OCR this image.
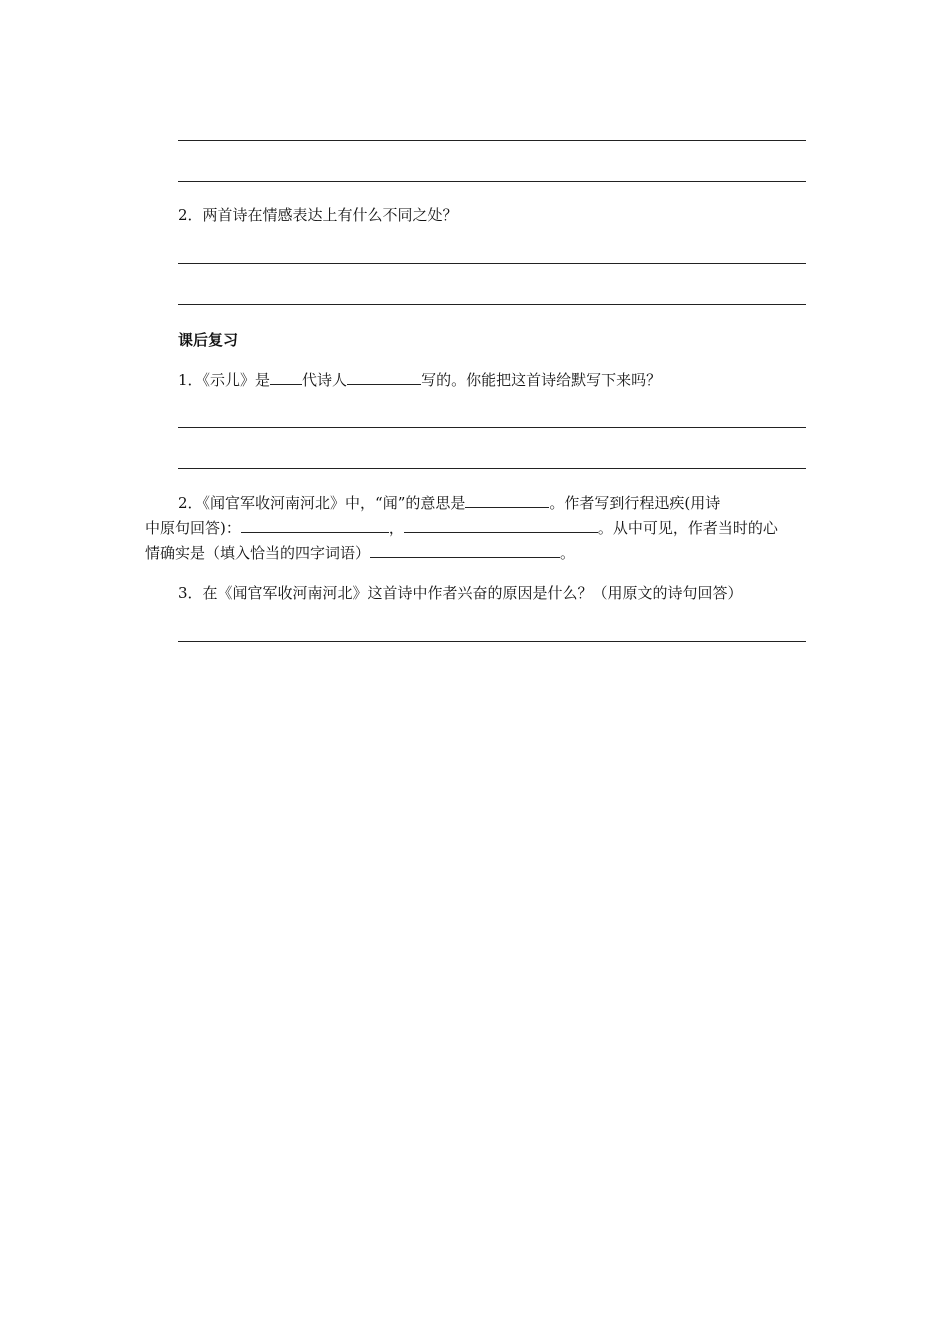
2．两首诗在情感表达上有什么不同之处？
课后复习
1．《示儿》是 代诗人	写的。你能把这首诗给默写下来吗？
2．《闻官军收河南河北》中，“闻”的意思是	。作者写到行程迅疾(用诗
中原句回答)：	，	。从中可见，作者当时的心
情确实是（填入恰当的四字词语）	。
3．在《闻官军收河南河北》这首诗中作者兴奋的原因是什么？（用原文的诗句回答）
